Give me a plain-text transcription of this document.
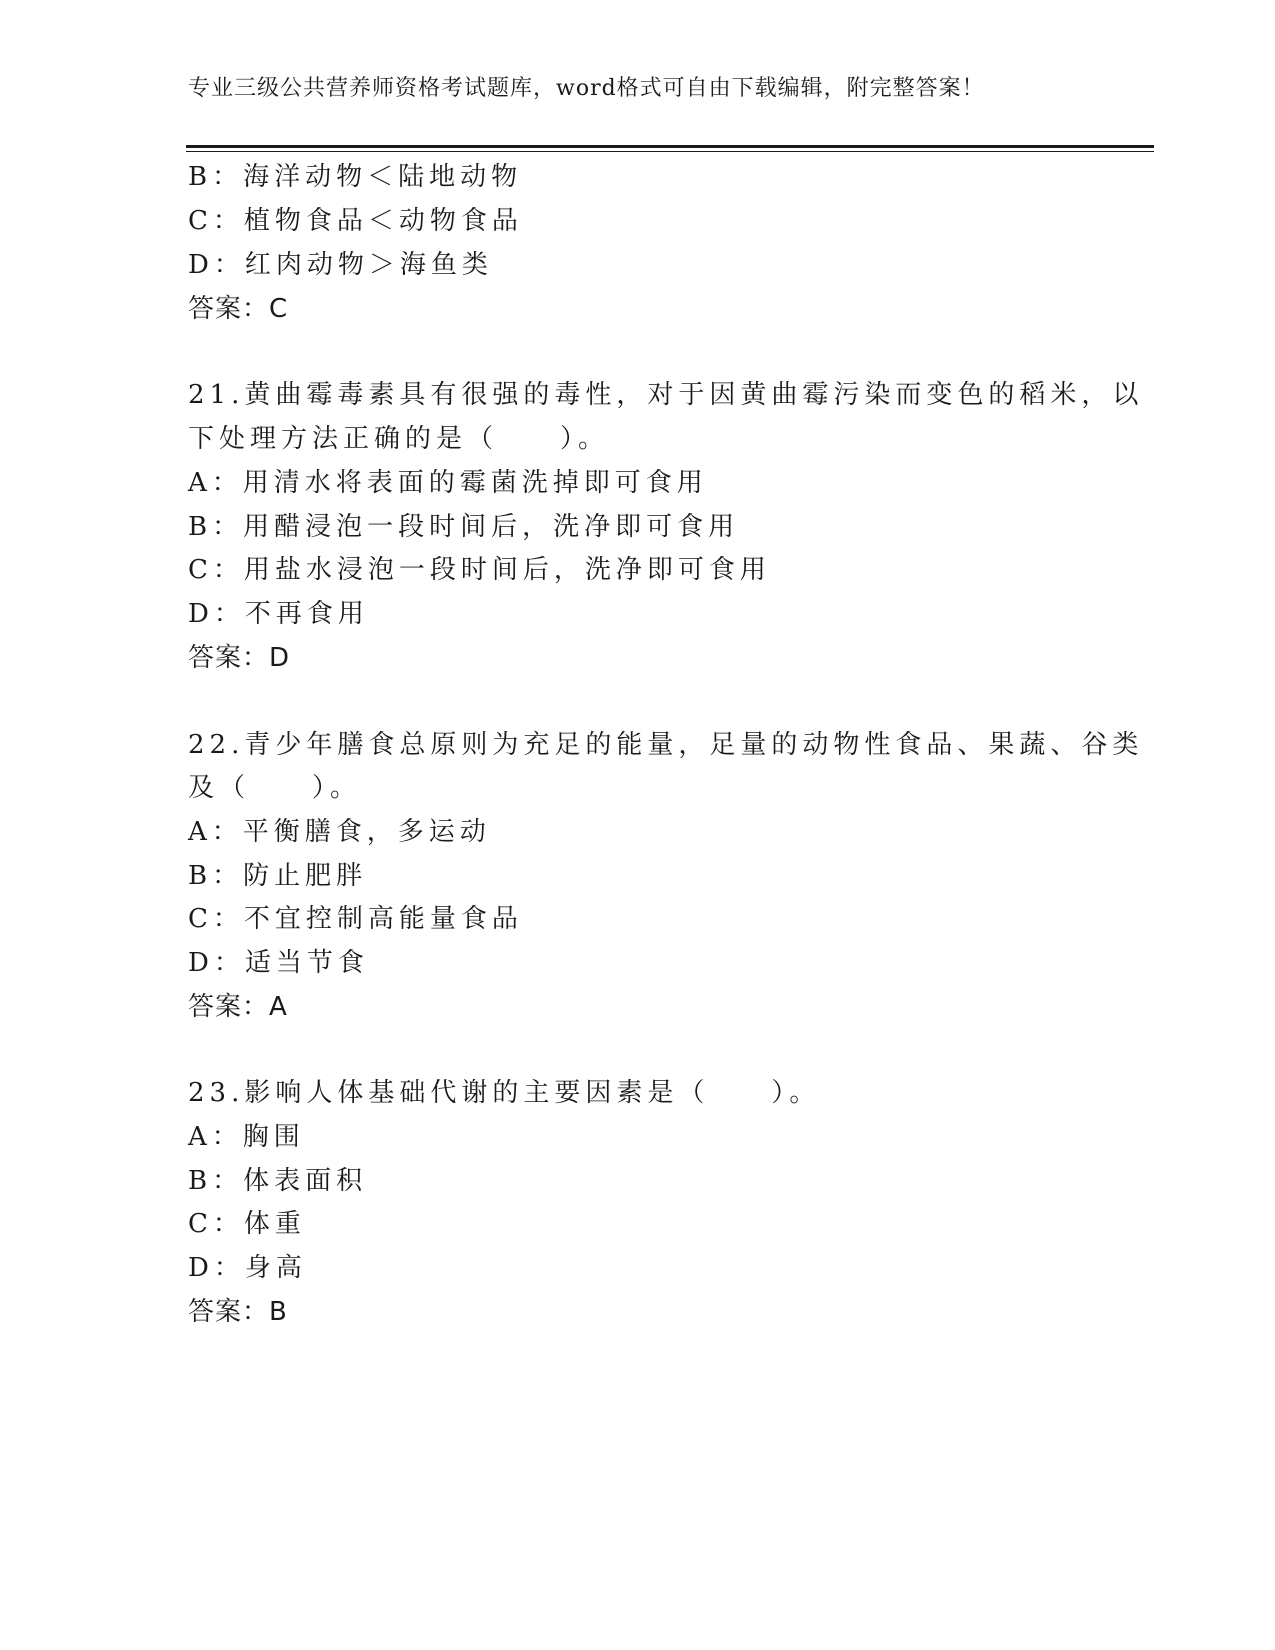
专业三级公共营养师资格考试题库，word格式可自由下载编辑，附完整答案！
B：海洋动物＜陆地动物
C：植物食品＜动物食品
D：红肉动物＞海鱼类
答案：C
21.黄曲霉毒素具有很强的毒性，对于因黄曲霉污染而变色的稻米，以
下处理方法正确的是（　　）。
A：用清水将表面的霉菌洗掉即可食用
B：用醋浸泡一段时间后，洗净即可食用
C：用盐水浸泡一段时间后，洗净即可食用
D：不再食用
答案：D
22.青少年膳食总原则为充足的能量，足量的动物性食品、果蔬、谷类
及（　　）。
A：平衡膳食，多运动
B：防止肥胖
C：不宜控制高能量食品
D：适当节食
答案：A
23.影响人体基础代谢的主要因素是（　　）。
A：胸围
B：体表面积
C：体重
D：身高
答案：B
